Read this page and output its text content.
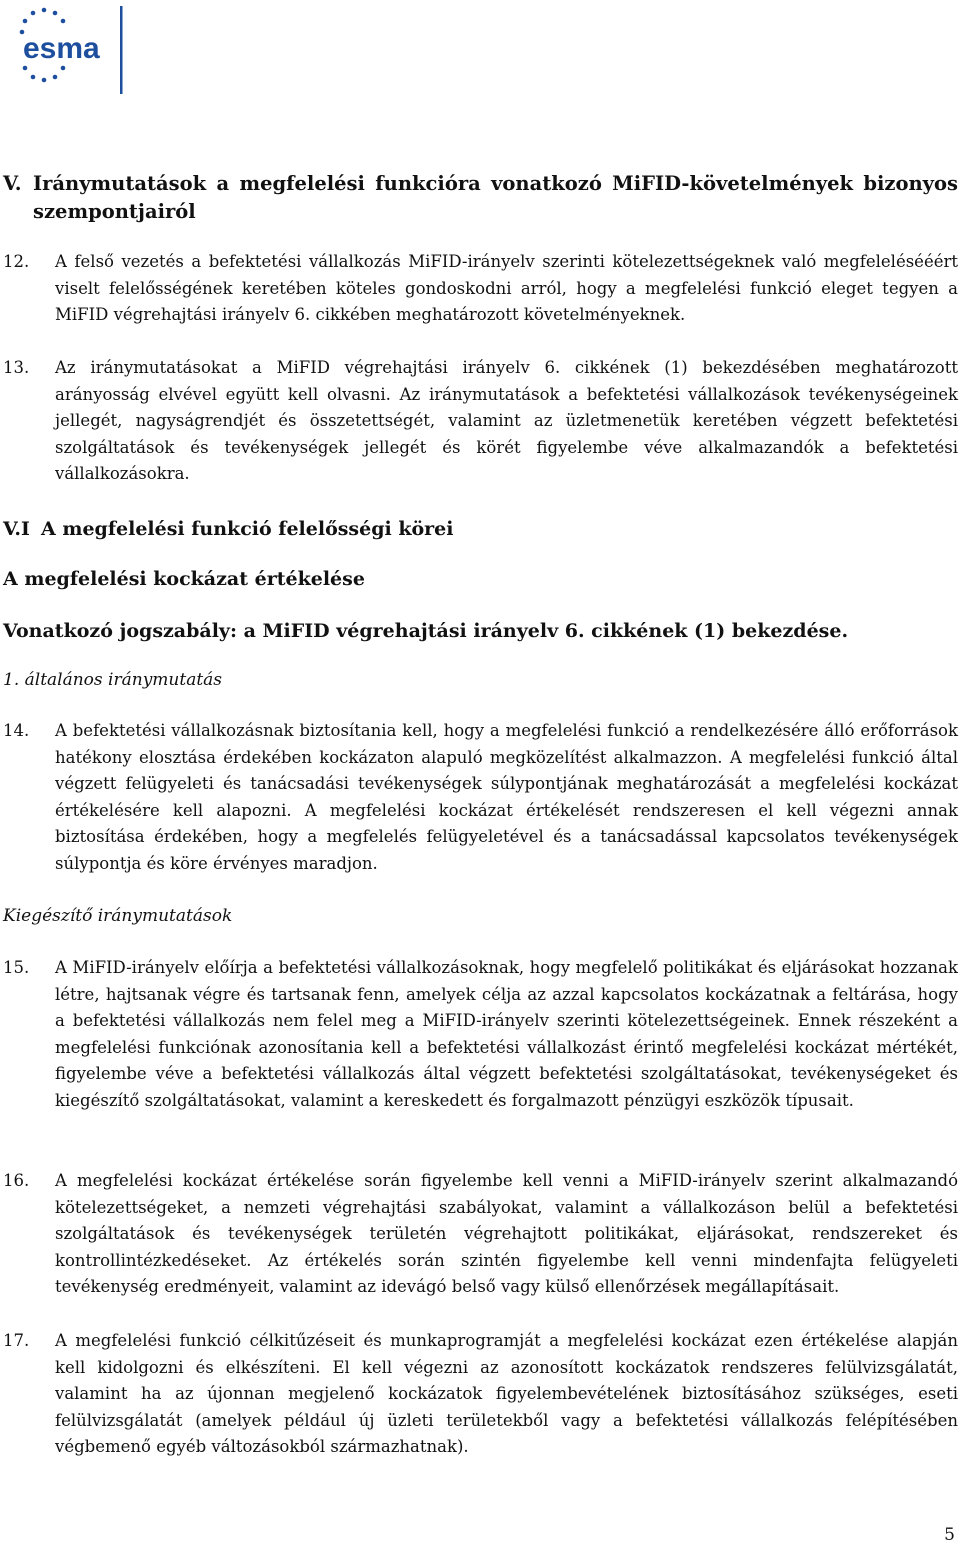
esma
V. Iránymutatások a megfelelési funkcióra vonatkozó MiFID-követelmények bizonyos szempontjairól
12. A felső vezetés a befektetési vállalkozás MiFID-irányelv szerinti kötelezettségeknek való megfelelésééért viselt felelősségének keretében köteles gondoskodni arról, hogy a megfelelési funkció eleget tegyen a MiFID végrehajtási irányelv 6. cikkében meghatározott követelményeknek.
13. Az iránymutatásokat a MiFID végrehajtási irányelv 6. cikkének (1) bekezdésében meghatározott arányosság elvével együtt kell olvasni. Az iránymutatások a befektetési vállalkozások tevékenységeinek jellegét, nagyságrendjét és összetettségét, valamint az üzletmenetük keretében végzett befektetési szolgáltatások és tevékenységek jellegét és körét figyelembe véve alkalmazandók a befektetési vállalkozásokra.
V.I A megfelelési funkció felelősségi körei
A megfelelési kockázat értékelése
Vonatkozó jogszabály: a MiFID végrehajtási irányelv 6. cikkének (1) bekezdése.
1. általános iránymutatás
14. A befektetési vállalkozásnak biztosítania kell, hogy a megfelelési funkció a rendelkezésére álló erőforrások hatékony elosztása érdekében kockázaton alapuló megközelítést alkalmazzon. A megfelelési funkció által végzett felügyeleti és tanácsadási tevékenységek súlypontjának meghatározását a megfelelési kockázat értékelésére kell alapozni. A megfelelési kockázat értékelését rendszeresen el kell végezni annak biztosítása érdekében, hogy a megfelelés felügyeletével és a tanácsadással kapcsolatos tevékenységek súlypontja és köre érvényes maradjon.
Kiegészítő iránymutatások
15. A MiFID-irányelv előírja a befektetési vállalkozásoknak, hogy megfelelő politikákat és eljárásokat hozzanak létre, hajtsanak végre és tartsanak fenn, amelyek célja az azzal kapcsolatos kockázatnak a feltárása, hogy a befektetési vállalkozás nem felel meg a MiFID-irányelv szerinti kötelezettségeinek. Ennek részeként a megfelelési funkciónak azonosítania kell a befektetési vállalkozást érintő megfelelési kockázat mértékét, figyelembe véve a befektetési vállalkozás által végzett befektetési szolgáltatásokat, tevékenységeket és kiegészítő szolgáltatásokat, valamint a kereskedett és forgalmazott pénzügyi eszközök típusait.
16. A megfelelési kockázat értékelése során figyelembe kell venni a MiFID-irányelv szerint alkalmazandó kötelezettségeket, a nemzeti végrehajtási szabályokat, valamint a vállalkozáson belül a befektetési szolgáltatások és tevékenységek területén végrehajtott politikákat, eljárásokat, rendszereket és kontrollintézkedéseket. Az értékelés során szintén figyelembe kell venni mindenfajta felügyeleti tevékenység eredményeit, valamint az idevágó belső vagy külső ellenőrzések megállapításait.
17. A megfelelési funkció célkitűzéseit és munkaprogramját a megfelelési kockázat ezen értékelése alapján kell kidolgozni és elkészíteni. El kell végezni az azonosított kockázatok rendszeres felülvizsgálatát, valamint ha az újonnan megjelenő kockázatok figyelembevételének biztosításához szükséges, eseti felülvizsgálatát (amelyek például új üzleti területekből vagy a befektetési vállalkozás felépítésében végbemenő egyéb változásokból származhatnak).
5
